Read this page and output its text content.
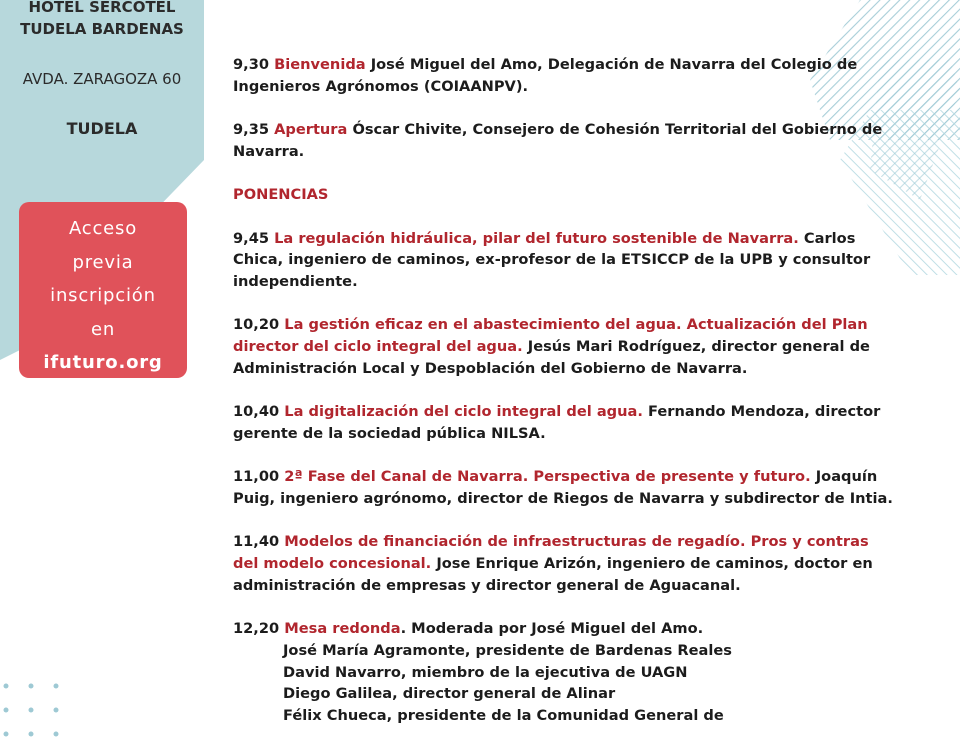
HOTEL SERCOTEL
TUDELA BARDENAS
AVDA. ZARAGOZA 60
TUDELA
Acceso
previa
inscripción
en
ifuturo.org

9,30 Bienvenida José Miguel del Amo, Delegación de Navarra del Colegio de Ingenieros Agrónomos (COIAANPV).

9,35 Apertura Óscar Chivite, Consejero de Cohesión Territorial del Gobierno de Navarra.

PONENCIAS

9,45 La regulación hidráulica, pilar del futuro sostenible de Navarra. Carlos Chica, ingeniero de caminos, ex-profesor de la ETSICCP de la UPB y consultor independiente.

10,20 La gestión eficaz en el abastecimiento del agua. Actualización del Plan director del ciclo integral del agua. Jesús Mari Rodríguez, director general de Administración Local y Despoblación del Gobierno de Navarra.

10,40 La digitalización del ciclo integral del agua. Fernando Mendoza, director gerente de la sociedad pública NILSA.

11,00 2ª Fase del Canal de Navarra. Perspectiva de presente y futuro. Joaquín Puig, ingeniero agrónomo, director de Riegos de Navarra y subdirector de Intia.

11,40 Modelos de financiación de infraestructuras de regadío. Pros y contras del modelo concesional. Jose Enrique Arizón, ingeniero de caminos, doctor en administración de empresas y director general de Aguacanal.

12,20 Mesa redonda. Moderada por José Miguel del Amo.
José María Agramonte, presidente de Bardenas Reales
David Navarro, miembro de la ejecutiva de UAGN
Diego Galilea, director general de Alinar
Félix Chueca, presidente de la Comunidad General de
